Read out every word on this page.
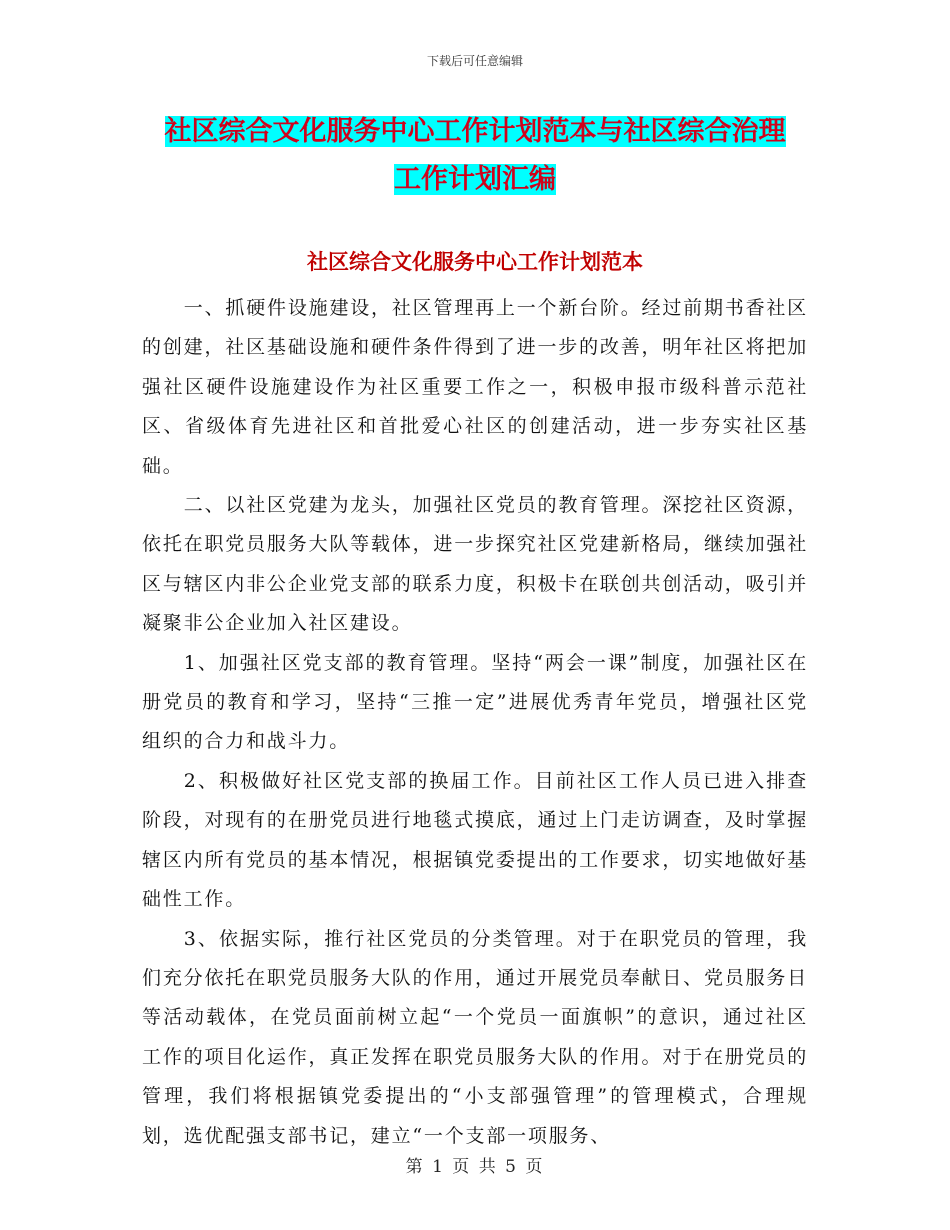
下载后可任意编辑
社区综合文化服务中心工作计划范本与社区综合治理
工作计划汇编
社区综合文化服务中心工作计划范本

一、抓硬件设施建设，社区管理再上一个新台阶。经过前期书香社区的创建，社区基础设施和硬件条件得到了进一步的改善，明年社区将把加强社区硬件设施建设作为社区重要工作之一，积极申报市级科普示范社区、省级体育先进社区和首批爱心社区的创建活动，进一步夯实社区基础。

二、以社区党建为龙头，加强社区党员的教育管理。深挖社区资源，依托在职党员服务大队等载体，进一步探究社区党建新格局，继续加强社区与辖区内非公企业党支部的联系力度，积极卡在联创共创活动，吸引并凝聚非公企业加入社区建设。

1、加强社区党支部的教育管理。坚持“两会一课”制度，加强社区在册党员的教育和学习，坚持“三推一定”进展优秀青年党员，增强社区党组织的合力和战斗力。

2、积极做好社区党支部的换届工作。目前社区工作人员已进入排查阶段，对现有的在册党员进行地毯式摸底，通过上门走访调查，及时掌握辖区内所有党员的基本情况，根据镇党委提出的工作要求，切实地做好基础性工作。

3、依据实际，推行社区党员的分类管理。对于在职党员的管理，我们充分依托在职党员服务大队的作用，通过开展党员奉献日、党员服务日等活动载体，在党员面前树立起“一个党员一面旗帜”的意识，通过社区工作的项目化运作，真正发挥在职党员服务大队的作用。对于在册党员的管理，我们将根据镇党委提出的“小支部强管理”的管理模式，合理规划，选优配强支部书记，建立“一个支部一项服务、

第 1 页 共 5 页
